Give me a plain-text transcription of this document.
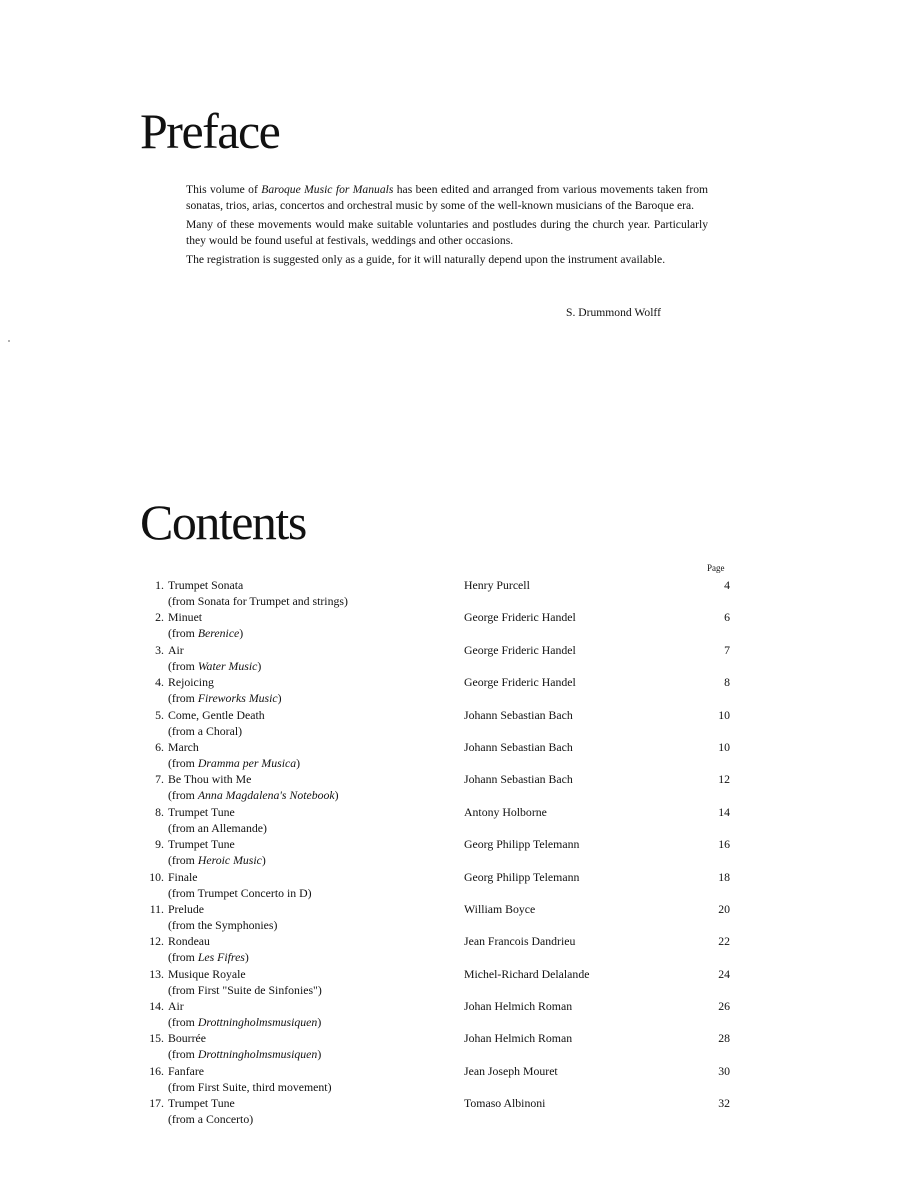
Preface

This volume of Baroque Music for Manuals has been edited and arranged from various movements taken from sonatas, trios, arias, concertos and orchestral music by some of the well-known musicians of the Baroque era.

Many of these movements would make suitable voluntaries and postludes during the church year. Particularly they would be found useful at festivals, weddings and other occasions.

The registration is suggested only as a guide, for it will naturally depend upon the instrument available.

S. Drummond Wolff
Contents
Page
1. Trumpet Sonata
(from Sonata for Trumpet and strings)
Henry Purcell	4
2. Minuet
(from Berenice)
George Frideric Handel	6
3. Air
(from Water Music)
George Frideric Handel	7
4. Rejoicing
(from Fireworks Music)
George Frideric Handel	8
5. Come, Gentle Death
(from a Choral)
Johann Sebastian Bach	10
6. March
(from Dramma per Musica)
Johann Sebastian Bach	10
7. Be Thou with Me
(from Anna Magdalena's Notebook)
Johann Sebastian Bach	12
8. Trumpet Tune
(from an Allemande)
Antony Holborne	14
9. Trumpet Tune
(from Heroic Music)
Georg Philipp Telemann	16
10. Finale
(from Trumpet Concerto in D)
Georg Philipp Telemann	18
11. Prelude
(from the Symphonies)
William Boyce	20
12. Rondeau
(from Les Fifres)
Jean Francois Dandrieu	22
13. Musique Royale
(from First "Suite de Sinfonies")
Michel-Richard Delalande	24
14. Air
(from Drottningholmsmusiquen)
Johan Helmich Roman	26
15. Bourrée
(from Drottningholmsmusiquen)
Johan Helmich Roman	28
16. Fanfare
(from First Suite, third movement)
Jean Joseph Mouret	30
17. Trumpet Tune
(from a Concerto)
Tomaso Albinoni	32
